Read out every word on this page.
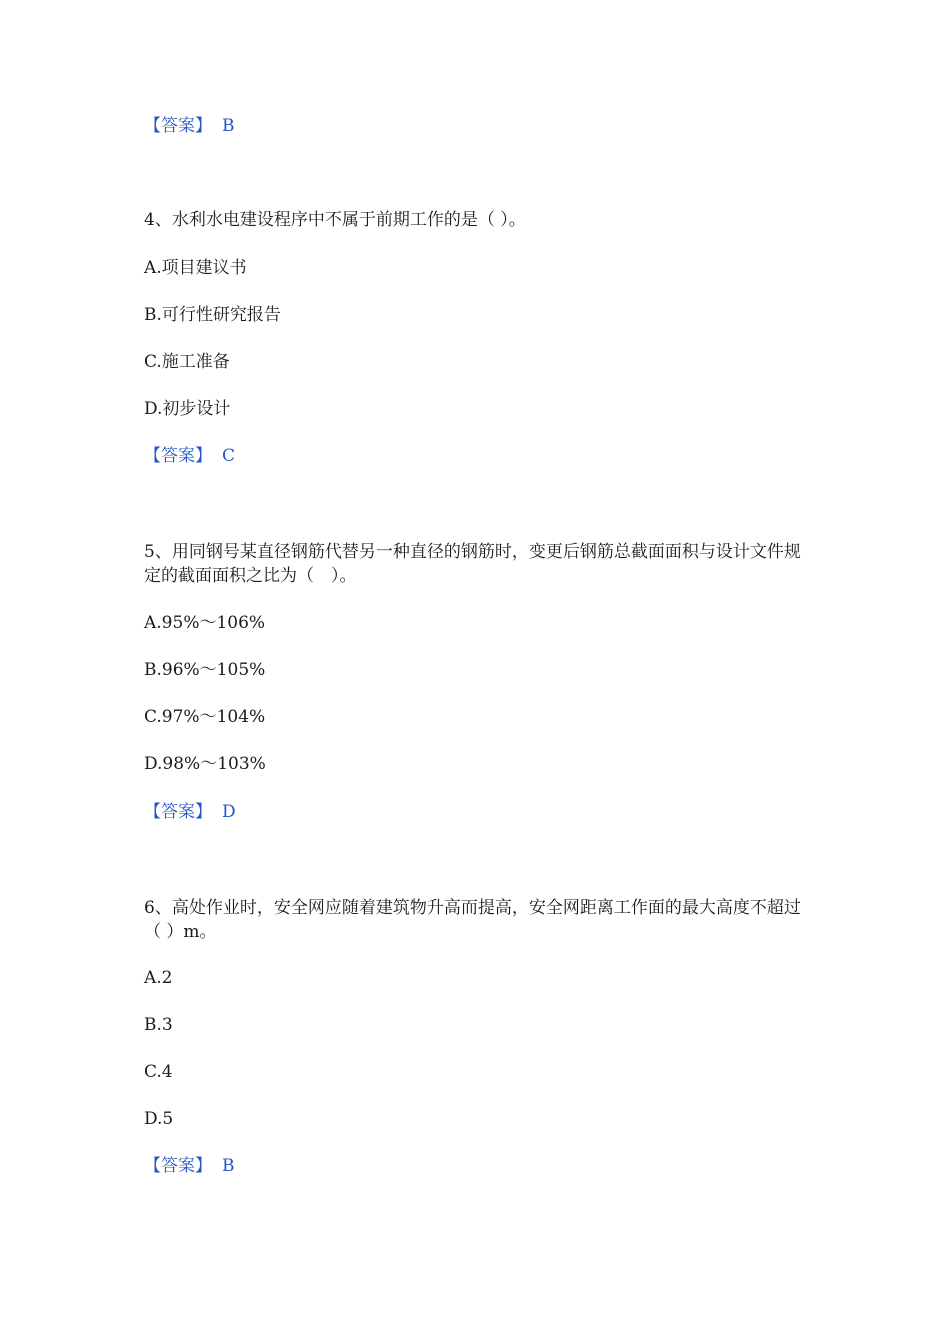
【答案】 B
4、水利水电建设程序中不属于前期工作的是（ ）。
A.项目建议书
B.可行性研究报告
C.施工准备
D.初步设计
【答案】 C
5、用同钢号某直径钢筋代替另一种直径的钢筋时，变更后钢筋总截面面积与设计文件规定的截面面积之比为（　）。
A.95%～106%
B.96%～105%
C.97%～104%
D.98%～103%
【答案】 D
6、高处作业时，安全网应随着建筑物升高而提高，安全网距离工作面的最大高度不超过（ ）m。
A.2
B.3
C.4
D.5
【答案】 B
